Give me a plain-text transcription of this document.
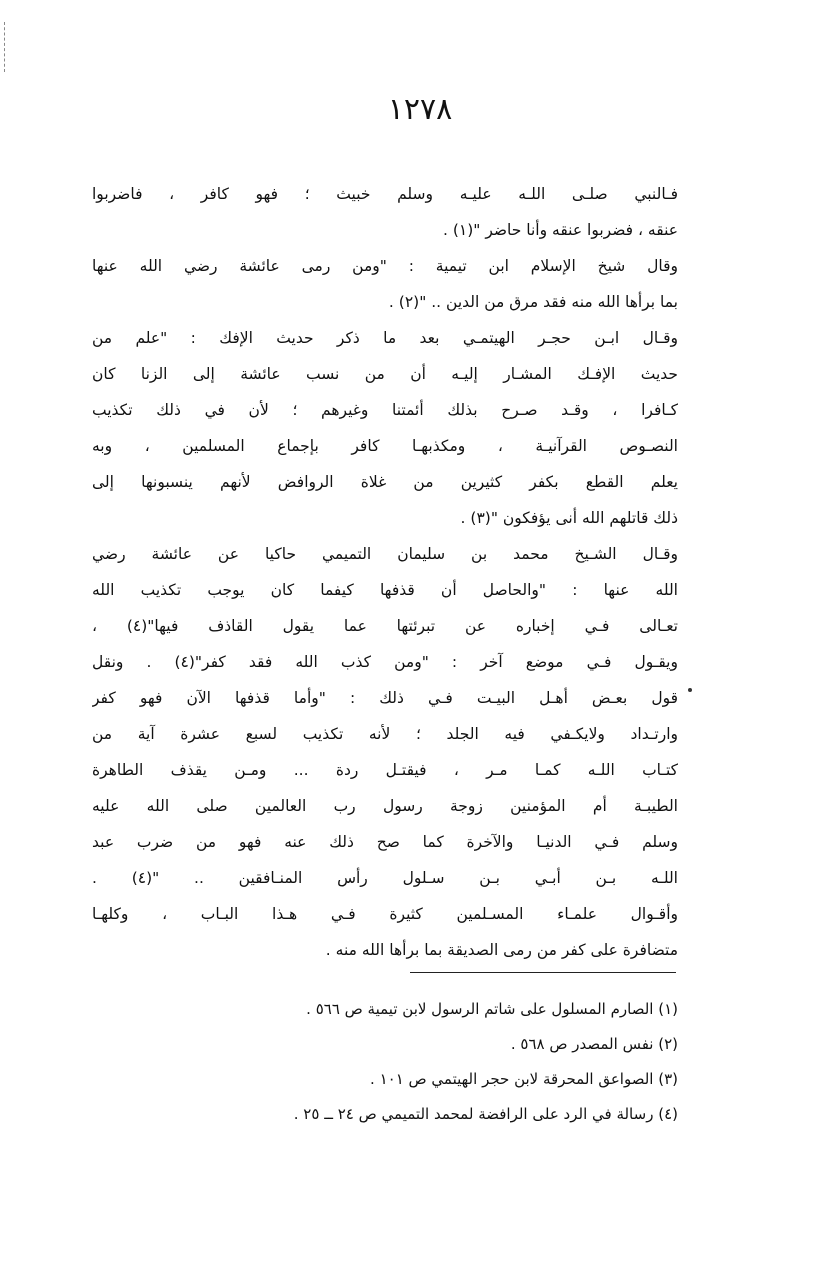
١٢٧٨
فـالنبي صلـى اللـه عليـه وسلم خبيث ؛ فهو كافر ، فاضربوا
عنقه ، فضربوا عنقه وأنا حاضر "(١) .
وقال شيخ الإسلام ابن تيمية : "ومن رمى عائشة رضي الله عنها
بما برأها الله منه فقد مرق من الدين .. "(٢) .
وقـال ابـن حجـر الهيتمـي بعد ما ذكر حديث الإفك : "علم من
حديث الإفـك المشـار إليـه أن من نسب عائشة إلى الزنا كان
كـافرا ، وقـد صـرح بذلك أئمتنا وغيرهم ؛ لأن في ذلك تكذيب
النصـوص القرآنيـة ، ومكذبهـا كافر بإجماع المسلمين ، وبه
يعلم القطع بكفر كثيرين من غلاة الروافض لأنهم ينسبونها إلى
ذلك قاتلهم الله أنى يؤفكون "(٣) .
وقـال الشـيخ محمد بن سليمان التميمي حاكيا عن عائشة رضي
الله عنها : "والحاصل أن قذفها كيفما كان يوجب تكذيب الله
تعـالى فـي إخباره عن تبرئتها عما يقول القاذف فيها"(٤) ،
ويقـول فـي موضع آخر : "ومن كذب الله فقد كفر"(٤) . ونقل
قول بعـض أهـل البيـت فـي ذلك : "وأما قذفها الآن فهو كفر
وارتـداد ولايكـفي فيه الجلد ؛ لأنه تكذيب لسبع عشرة آية من
كتـاب اللـه كمـا مـر ، فيقتـل ردة ... ومـن يقذف الطاهرة
الطيبـة أم المؤمنين زوجة رسول رب العالمين صلى الله عليه
وسلم فـي الدنيـا والآخرة كما صح ذلك عنه فهو من ضرب عبد
اللـه بـن أبـي بـن سـلول رأس المنـافقين .. "(٤) .
وأقـوال علمـاء المسـلمين كثيرة فـي هـذا البـاب ، وكلهـا
متضافرة على كفر من رمى الصديقة بما برأها الله منه .
(١) الصارم المسلول على شاتم الرسول لابن تيمية ص ٥٦٦ .
(٢) نفس المصدر ص ٥٦٨ .
(٣) الصواعق المحرقة لابن حجر الهيتمي ص ١٠١ .
(٤) رسالة في الرد على الرافضة لمحمد التميمي ص ٢٤ ــ ٢٥ .
